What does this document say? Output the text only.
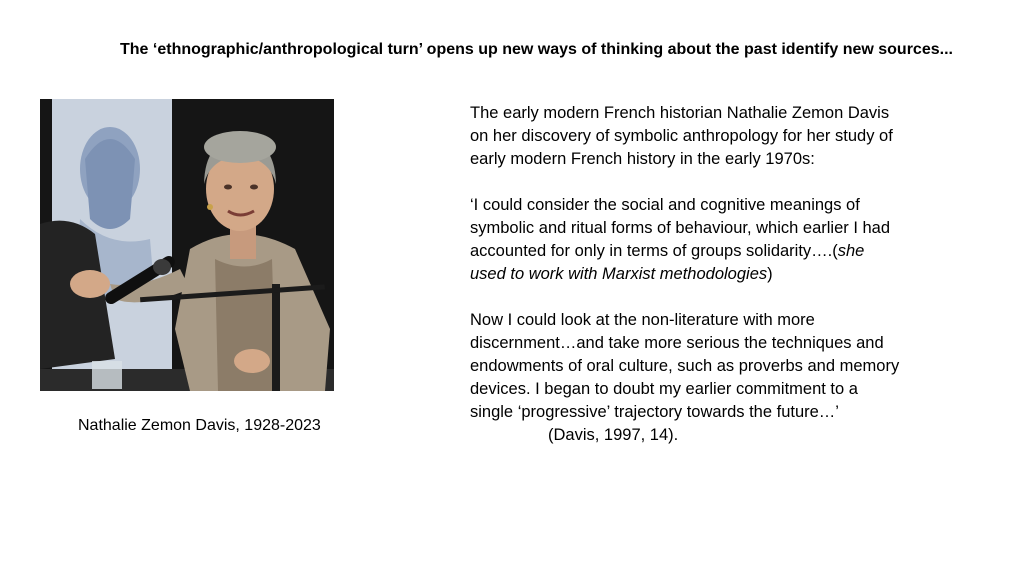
The ‘ethnographic/anthropological turn’ opens up new ways of thinking about the past identify new sources...
Nathalie Zemon Davis, 1928-2023

The early modern French historian Nathalie Zemon Davis on her discovery of symbolic anthropology for her study of early modern French history in the early 1970s:

‘I could consider the social and cognitive meanings of symbolic and ritual forms of behaviour, which earlier I had accounted for only in terms of groups solidarity….(she used to work with Marxist methodologies)

Now I could look at the non-literature with more discernment…and take more serious the techniques and endowments of oral culture, such as proverbs and memory devices. I began to doubt my earlier commitment to a single ‘progressive’ trajectory towards the future…’

(Davis, 1997, 14).
